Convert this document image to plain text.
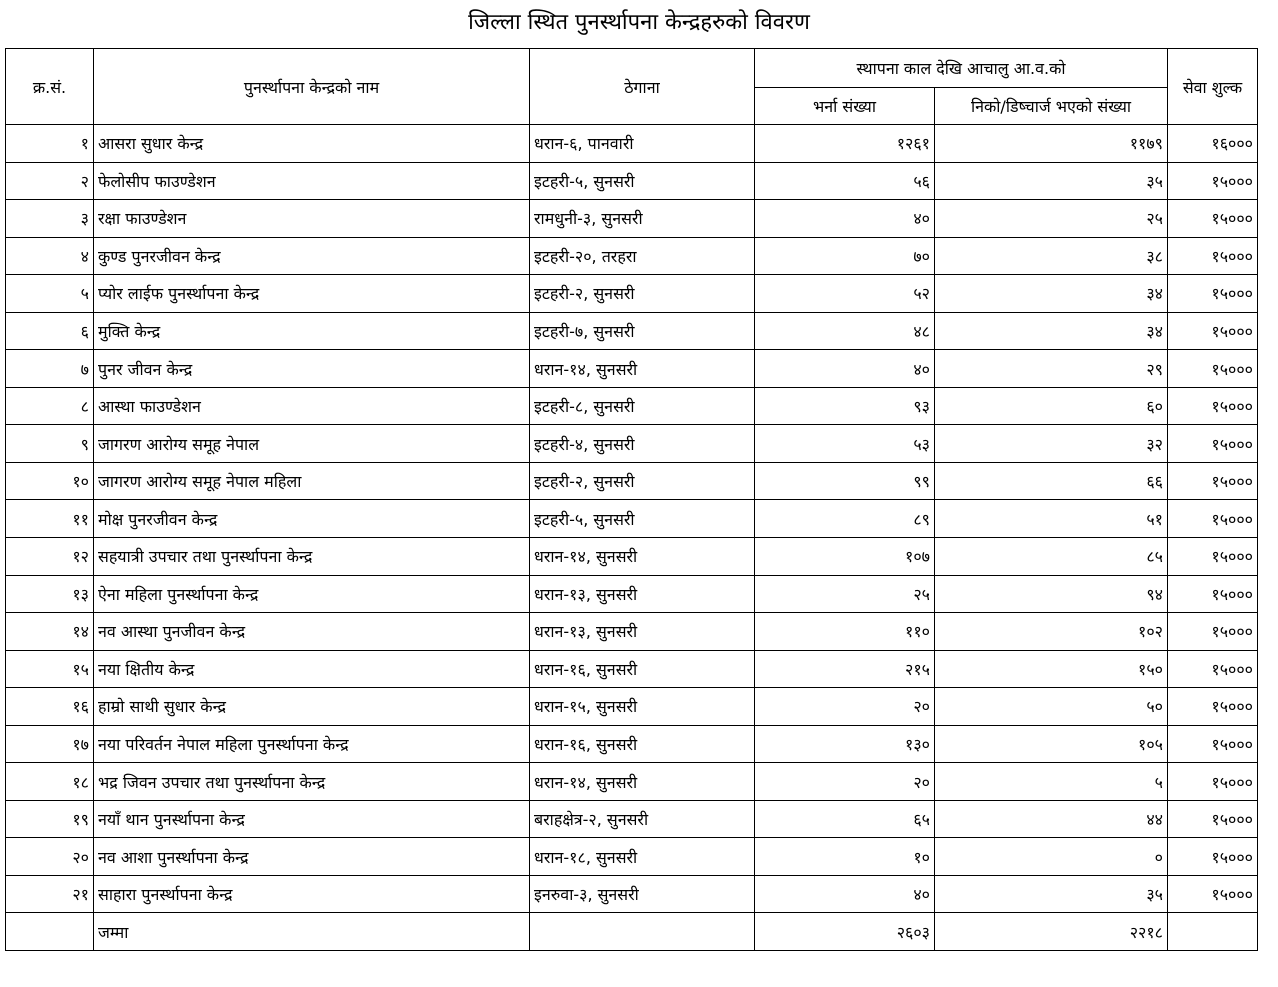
जिल्ला स्थित पुनर्स्थापना केन्द्रहरुको विवरण
क्र.सं.	पुनर्स्थापना केन्द्रको नाम	ठेगाना	स्थापना काल देखि आचालु आ.व.को		सेवा शुल्क
			भर्ना संख्या	निको/डिष्चार्ज भएको संख्या	
१	आसरा सुधार केन्द्र	धरान-६, पानवारी	१२६१	११७९	१६०००
२	फेलोसीप फाउण्डेशन	इटहरी-५, सुनसरी	५६	३५	१५०००
३	रक्षा फाउण्डेशन	रामधुनी-३, सुनसरी	४०	२५	१५०००
४	कुण्ड पुनरजीवन केन्द्र	इटहरी-२०, तरहरा	७०	३८	१५०००
५	प्योर लाईफ पुनर्स्थापना केन्द्र	इटहरी-२, सुनसरी	५२	३४	१५०००
६	मुक्ति केन्द्र	इटहरी-७, सुनसरी	४८	३४	१५०००
७	पुनर जीवन केन्द्र	धरान-१४, सुनसरी	४०	२९	१५०००
८	आस्था फाउण्डेशन	इटहरी-८, सुनसरी	९३	६०	१५०००
९	जागरण आरोग्य समूह नेपाल	इटहरी-४, सुनसरी	५३	३२	१५०००
१०	जागरण आरोग्य समूह नेपाल महिला	इटहरी-२, सुनसरी	९९	६६	१५०००
११	मोक्ष पुनरजीवन केन्द्र	इटहरी-५, सुनसरी	८९	५१	१५०००
१२	सहयात्री उपचार तथा पुनर्स्थापना केन्द्र	धरान-१४, सुनसरी	१०७	८५	१५०००
१३	ऐना महिला पुनर्स्थापना केन्द्र	धरान-१३, सुनसरी	२५	९४	१५०००
१४	नव आस्था पुनजीवन केन्द्र	धरान-१३, सुनसरी	११०	१०२	१५०००
१५	नया क्षितीय केन्द्र	धरान-१६, सुनसरी	२१५	१५०	१५०००
१६	हाम्रो साथी सुधार केन्द्र	धरान-१५, सुनसरी	२०	५०	१५०००
१७	नया परिवर्तन नेपाल महिला पुनर्स्थापना केन्द्र	धरान-१६, सुनसरी	१३०	१०५	१५०००
१८	भद्र जिवन उपचार तथा पुनर्स्थापना केन्द्र	धरान-१४, सुनसरी	२०	५	१५०००
१९	नयाँ थान पुनर्स्थापना केन्द्र	बराहक्षेत्र-२, सुनसरी	६५	४४	१५०००
२०	नव आशा पुनर्स्थापना केन्द्र	धरान-१८, सुनसरी	१०	०	१५०००
२१	साहारा पुनर्स्थापना केन्द्र	इनरुवा-३, सुनसरी	४०	३५	१५०००
	जम्मा		२६०३	२२१८	
